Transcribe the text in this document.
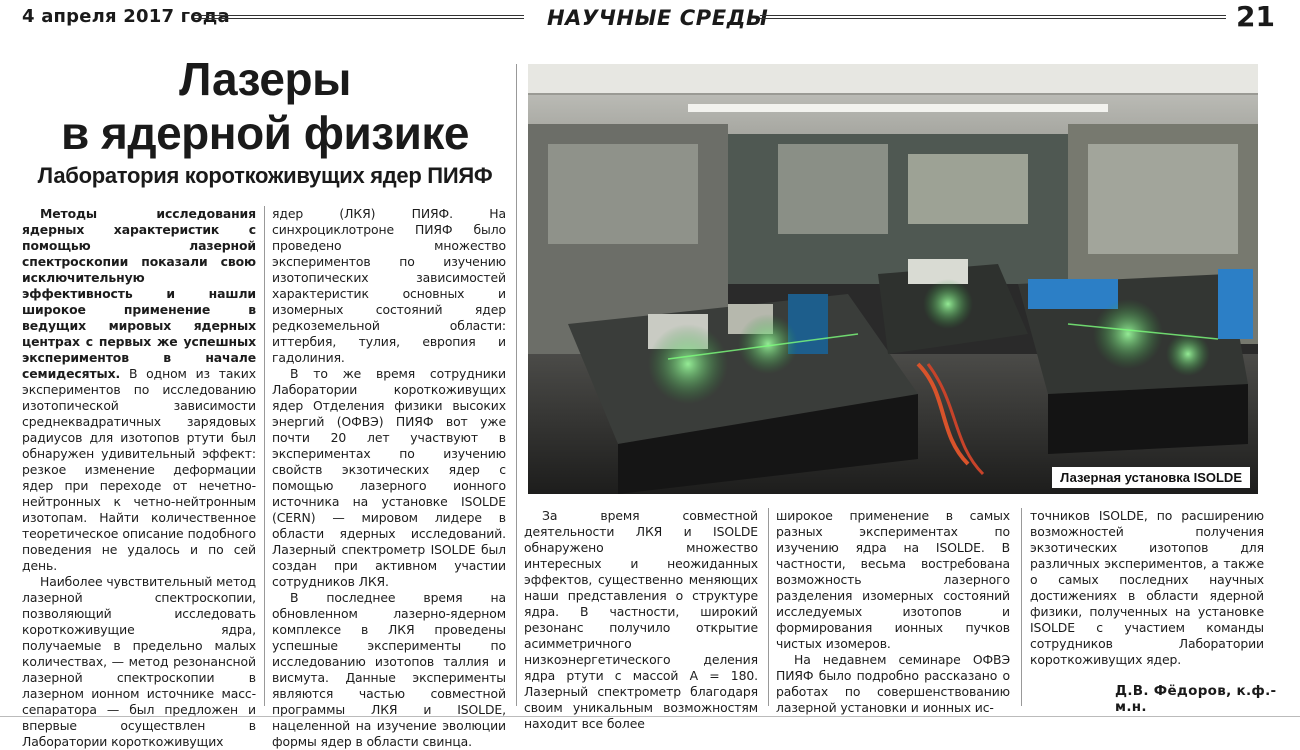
4 апреля 2017 года	НАУЧНЫЕ СРЕДЫ	21
Лазеры
в ядерной физике
Лаборатория короткоживущих ядер ПИЯФ

Методы исследования ядерных характеристик с помощью лазерной спектроскопии показали свою исключительную эффективность и нашли широкое применение в ведущих мировых ядерных центрах с первых же успешных экспериментов в начале семидесятых. В одном из таких экспериментов по исследованию изотопической зависимости среднеквадратичных зарядовых радиусов для изотопов ртути был обнаружен удивительный эффект: резкое изменение деформации ядер при переходе от нечетно-нейтронных к четно-нейтронным изотопам. Найти количественное теоретическое описание подобного поведения не удалось и по сей день.

Наиболее чувствительный метод лазерной спектроскопии, позволяющий исследовать короткоживущие ядра, получаемые в предельно малых количествах, — метод резонансной лазерной спектроскопии в лазерном ионном источнике масс-сепаратора — был предложен и впервые осуществлен в Лаборатории короткоживущих

ядер (ЛКЯ) ПИЯФ. На синхроциклотроне ПИЯФ было проведено множество экспериментов по изучению изотопических зависимостей характеристик основных и изомерных состояний ядер редкоземельной области: иттербия, тулия, европия и гадолиния.

В то же время сотрудники Лаборатории короткоживущих ядер Отделения физики высоких энергий (ОФВЭ) ПИЯФ вот уже почти 20 лет участвуют в экспериментах по изучению свойств экзотических ядер с помощью лазерного ионного источника на установке ISOLDE (CERN) — мировом лидере в области ядерных исследований. Лазерный спектрометр ISOLDE был создан при активном участии сотрудников ЛКЯ.

В последнее время на обновленном лазерно-ядерном комплексе в ЛКЯ проведены успешные эксперименты по исследованию изотопов таллия и висмута. Данные эксперименты являются частью совместной программы ЛКЯ и ISOLDE, нацеленной на изучение эволюции формы ядер в области свинца.

Лазерная установка ISOLDE

За время совместной деятельности ЛКЯ и ISOLDE обнаружено множество интересных и неожиданных эффектов, существенно меняющих наши представления о структуре ядра. В частности, широкий резонанс получило открытие асимметричного низкоэнергетического деления ядра ртути с массой A = 180. Лазерный спектрометр благодаря своим уникальным возможностям находит все более

широкое применение в самых разных экспериментах по изучению ядра на ISOLDE. В частности, весьма востребована возможность лазерного разделения изомерных состояний исследуемых изотопов и формирования ионных пучков чистых изомеров.

На недавнем семинаре ОФВЭ ПИЯФ было подробно рассказано о работах по совершенствованию лазерной установки и ионных ис-

точников ISOLDE, по расширению возможностей получения экзотических изотопов для различных экспериментов, а также о самых последних научных достижениях в области ядерной физики, полученных на установке ISOLDE с участием команды сотрудников Лаборатории короткоживущих ядер.

Д.В. Фёдоров, к.ф.-м.н.
